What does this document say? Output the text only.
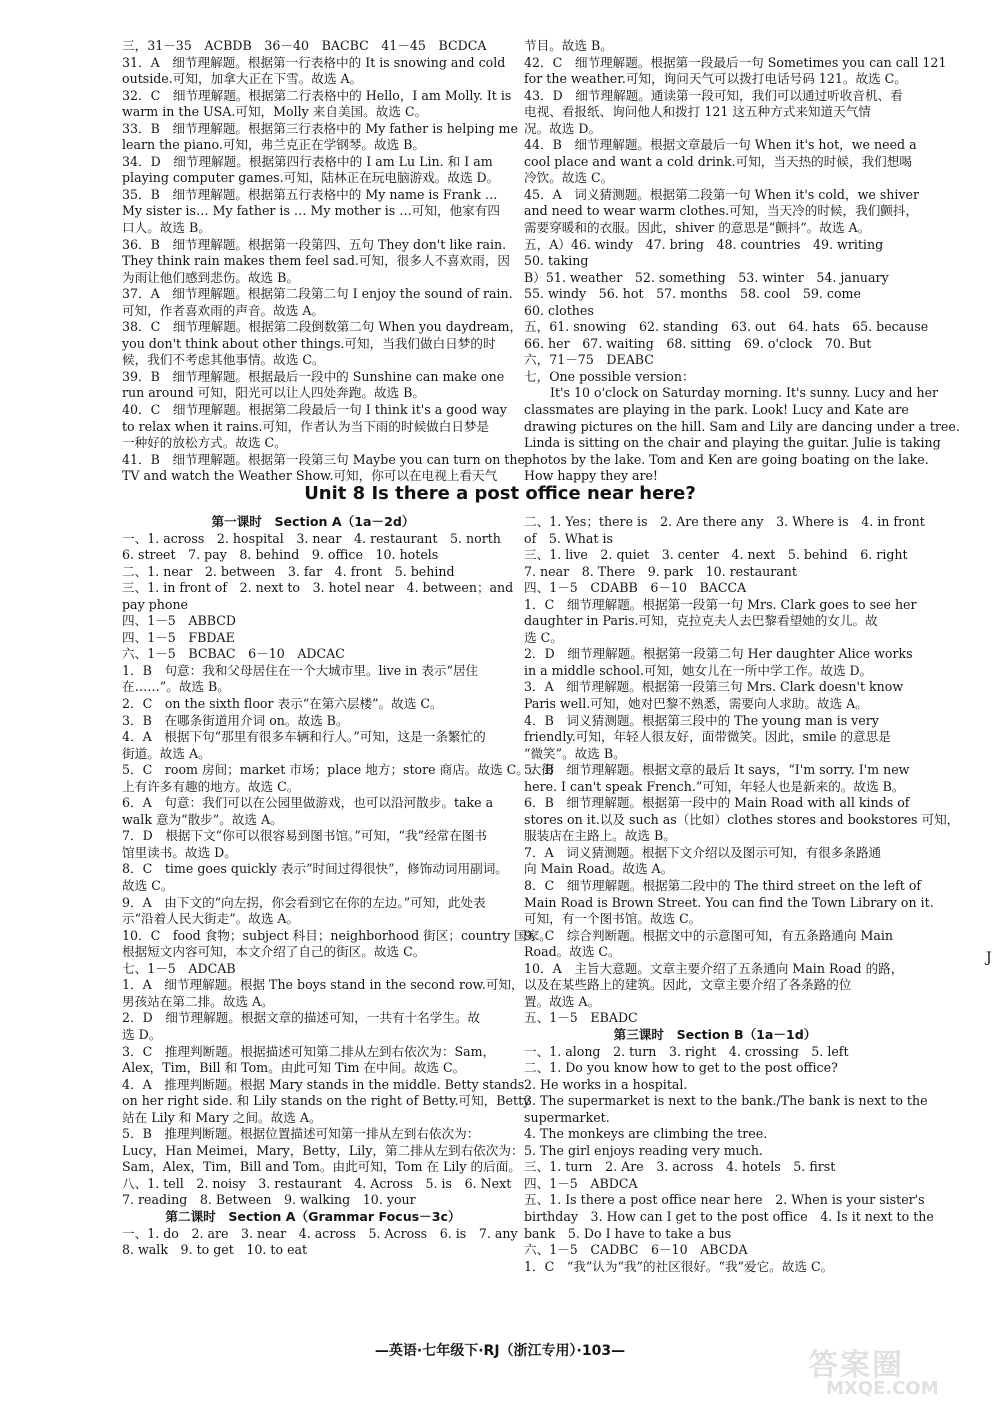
三，31－35　ACBDB　36－40　BACBC　41－45　BCDCA
31．A　细节理解题。根据第一行表格中的 It is snowing and cold
outside.可知，加拿大正在下雪。故选 A。
32．C　细节理解题。根据第二行表格中的 Hello，I am Molly. It is
warm in the USA.可知，Molly 来自美国。故选 C。
33．B　细节理解题。根据第三行表格中的 My father is helping me
learn the piano.可知，弗兰克正在学钢琴。故选 B。
34．D　细节理解题。根据第四行表格中的 I am Lu Lin. 和 I am
playing computer games.可知，陆林正在玩电脑游戏。故选 D。
35．B　细节理解题。根据第五行表格中的 My name is Frank …
My sister is… My father is … My mother is …可知，他家有四
口人。故选 B。
36．B　细节理解题。根据第一段第四、五句 They don't like rain.
They think rain makes them feel sad.可知，很多人不喜欢雨，因
为雨让他们感到悲伤。故选 B。
37．A　细节理解题。根据第二段第二句 I enjoy the sound of rain.
可知，作者喜欢雨的声音。故选 A。
38．C　细节理解题。根据第二段倒数第二句 When you daydream，
you don't think about other things.可知，当我们做白日梦的时
候，我们不考虑其他事情。故选 C。
39．B　细节理解题。根据最后一段中的 Sunshine can make one
run around 可知，阳光可以让人四处奔跑。故选 B。
40．C　细节理解题。根据第二段最后一句 I think it's a good way
to relax when it rains.可知，作者认为当下雨的时候做白日梦是
一种好的放松方式。故选 C。
41．B　细节理解题。根据第一段第三句 Maybe you can turn on the
TV and watch the Weather Show.可知，你可以在电视上看天气
节目。故选 B。
42．C　细节理解题。根据第一段最后一句 Sometimes you can call 121
for the weather.可知，询问天气可以拨打电话号码 121。故选 C。
43．D　细节理解题。通读第一段可知，我们可以通过听收音机、看
电视、看报纸、询问他人和拨打 121 这五种方式来知道天气情
况。故选 D。
44．B　细节理解题。根据文章最后一句 When it's hot，we need a
cool place and want a cold drink.可知，当天热的时候，我们想喝
冷饮。故选 C。
45．A　词义猜测题。根据第二段第一句 When it's cold，we shiver
and need to wear warm clothes.可知，当天冷的时候，我们颤抖，
需要穿暖和的衣服。因此，shiver 的意思是“颤抖”。故选 A。
五，A）46. windy　47. bring　48. countries　49. writing
50. taking
B）51. weather　52. something　53. winter　54. january
55. windy　56. hot　57. months　58. cool　59. come
60. clothes
五，61. snowing　62. standing　63. out　64. hats　65. because
66. her　67. waiting　68. sitting　69. o'clock　70. But
六，71－75　DEABC
七，One possible version：
It's 10 o'clock on Saturday morning. It's sunny. Lucy and her
classmates are playing in the park. Look! Lucy and Kate are
drawing pictures on the hill. Sam and Lily are dancing under a tree.
Linda is sitting on the chair and playing the guitar. Julie is taking
photos by the lake. Tom and Ken are going boating on the lake.
How happy they are!
Unit 8 Is there a post office near here?
第一课时　Section A（1a－2d）
一、1. across　2. hospital　3. near　4. restaurant　5. north
6. street　7. pay　8. behind　9. office　10. hotels
二、1. near　2. between　3. far　4. front　5. behind
三、1. in front of　2. next to　3. hotel near　4. between；and
pay phone
四、1－5　ABBCD
四、1－5　FBDAE
六、1－5　BCBAC　6－10　ADCAC
1．B　句意：我和父母居住在一个大城市里。live in 表示“居住
在……”。故选 B。
2．C　on the sixth floor 表示“在第六层楼”。故选 C。
3．B　在哪条街道用介词 on。故选 B。
4．A　根据下句“那里有很多车辆和行人。”可知，这是一条繁忙的
街道。故选 A。
5．C　room 房间；market 市场；place 地方；store 商店。故选 C。大街
上有许多有趣的地方。故选 C。
6．A　句意：我们可以在公园里做游戏，也可以沿河散步。take a
walk 意为“散步”。故选 A。
7．D　根据下文“你可以很容易到图书馆。”可知，“我”经常在图书
馆里读书。故选 D。
8．C　time goes quickly 表示“时间过得很快”，修饰动词用副词。
故选 C。
9．A　由下文的“向左拐，你会看到它在你的左边。”可知，此处表
示“沿着人民大街走”。故选 A。
10．C　food 食物；subject 科目；neighborhood 街区；country 国家。
根据短文内容可知，本文介绍了自己的街区。故选 C。
七、1－5　ADCAB
1．A　细节理解题。根据 The boys stand in the second row.可知，
男孩站在第二排。故选 A。
2．D　细节理解题。根据文章的描述可知，一共有十名学生。故
选 D。
3．C　推理判断题。根据描述可知第二排从左到右依次为：Sam，
Alex，Tim，Bill 和 Tom。由此可知 Tim 在中间。故选 C。
4．A　推理判断题。根据 Mary stands in the middle. Betty stands
on her right side. 和 Lily stands on the right of Betty.可知，Betty
站在 Lily 和 Mary 之间。故选 A。
5．B　推理判断题。根据位置描述可知第一排从左到右依次为：
Lucy，Han Meimei，Mary，Betty，Lily，第二排从左到右依次为：
Sam，Alex，Tim，Bill and Tom。由此可知，Tom 在 Lily 的后面。
八、1. tell　2. noisy　3. restaurant　4. Across　5. is　6. Next
7. reading　8. Between　9. walking　10. your
第二课时　Section A（Grammar Focus－3c）
一、1. do　2. are　3. near　4. across　5. Across　6. is　7. any
8. walk　9. to get　10. to eat
二、1. Yes；there is　2. Are there any　3. Where is　4. in front
of　5. What is
三、1. live　2. quiet　3. center　4. next　5. behind　6. right
7. near　8. There　9. park　10. restaurant
四、1－5　CDABB　6－10　BACCA
1．C　细节理解题。根据第一段第一句 Mrs. Clark goes to see her
daughter in Paris.可知，克拉克夫人去巴黎看望她的女儿。故
选 C。
2．D　细节理解题。根据第一段第二句 Her daughter Alice works
in a middle school.可知，她女儿在一所中学工作。故选 D。
3．A　细节理解题。根据第一段第三句 Mrs. Clark doesn't know
Paris well.可知，她对巴黎不熟悉，需要向人求助。故选 A。
4．B　词义猜测题。根据第三段中的 The young man is very
friendly.可知，年轻人很友好，面带微笑。因此，smile 的意思是
“微笑”。故选 B。
5．B　细节理解题。根据文章的最后 It says，“I'm sorry. I'm new
here. I can't speak French.”可知，年轻人也是新来的。故选 B。
6．B　细节理解题。根据第一段中的 Main Road with all kinds of
stores on it.以及 such as（比如）clothes stores and bookstores 可知，
服装店在主路上。故选 B。
7．A　词义猜测题。根据下文介绍以及图示可知，有很多条路通
向 Main Road。故选 A。
8．C　细节理解题。根据第二段中的 The third street on the left of
Main Road is Brown Street. You can find the Town Library on it.
可知，有一个图书馆。故选 C。
9．C　综合判断题。根据文中的示意图可知，有五条路通向 Main
Road。故选 C。
10．A　主旨大意题。文章主要介绍了五条通向 Main Road 的路，
以及在某些路上的建筑。因此，文章主要介绍了各条路的位
置。故选 A。
五、1－5　EBADC
第三课时　Section B（1a－1d）
一、1. along　2. turn　3. right　4. crossing　5. left
二、1. Do you know how to get to the post office?
2. He works in a hospital.
3. The supermarket is next to the bank./The bank is next to the
supermarket.
4. The monkeys are climbing the tree.
5. The girl enjoys reading very much.
三、1. turn　2. Are　3. across　4. hotels　5. first
四、1－5　ABDCA
五、1. Is there a post office near here　2. When is your sister's
birthday　3. How can I get to the post office　4. Is it next to the
bank　5. Do I have to take a bus
六、1－5　CADBC　6－10　ABCDA
1．C　“我”认为“我”的社区很好。“我”爱它。故选 C。
J
—英语·七年级下·RJ（浙江专用）·103—	答案圈
MXQE.COM
